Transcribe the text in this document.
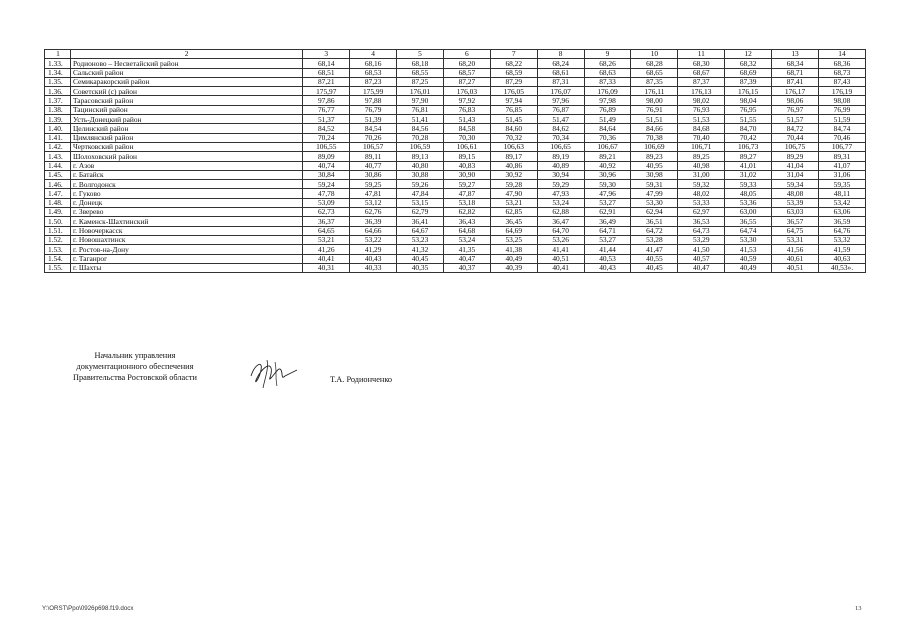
1	2	3	4	5	6	7	8	9	10	11	12	13	14
1.33.	Родионово – Несветайский район	68,14	68,16	68,18	68,20	68,22	68,24	68,26	68,28	68,30	68,32	68,34	68,36
1.34.	Сальский район	68,51	68,53	68,55	68,57	68,59	68,61	68,63	68,65	68,67	68,69	68,71	68,73
1.35.	Семикаракорский район	87,21	87,23	87,25	87,27	87,29	87,31	87,33	87,35	87,37	87,39	87,41	87,43
1.36.	Советский (с) район	175,97	175,99	176,01	176,03	176,05	176,07	176,09	176,11	176,13	176,15	176,17	176,19
1.37.	Тарасовский район	97,86	97,88	97,90	97,92	97,94	97,96	97,98	98,00	98,02	98,04	98,06	98,08
1.38.	Тацинский район	76,77	76,79	76,81	76,83	76,85	76,87	76,89	76,91	76,93	76,95	76,97	76,99
1.39.	Усть-Донецкий район	51,37	51,39	51,41	51,43	51,45	51,47	51,49	51,51	51,53	51,55	51,57	51,59
1.40.	Целинский район	84,52	84,54	84,56	84,58	84,60	84,62	84,64	84,66	84,68	84,70	84,72	84,74
1.41.	Цимлянский район	70,24	70,26	70,28	70,30	70,32	70,34	70,36	70,38	70,40	70,42	70,44	70,46
1.42.	Чертковский район	106,55	106,57	106,59	106,61	106,63	106,65	106,67	106,69	106,71	106,73	106,75	106,77
1.43.	Шолоховский район	89,09	89,11	89,13	89,15	89,17	89,19	89,21	89,23	89,25	89,27	89,29	89,31
1.44.	г. Азов	40,74	40,77	40,80	40,83	40,86	40,89	40,92	40,95	40,98	41,01	41,04	41,07
1.45.	г. Батайск	30,84	30,86	30,88	30,90	30,92	30,94	30,96	30,98	31,00	31,02	31,04	31,06
1.46.	г. Волгодонск	59,24	59,25	59,26	59,27	59,28	59,29	59,30	59,31	59,32	59,33	59,34	59,35
1.47.	г. Гуково	47,78	47,81	47,84	47,87	47,90	47,93	47,96	47,99	48,02	48,05	48,08	48,11
1.48.	г. Донецк	53,09	53,12	53,15	53,18	53,21	53,24	53,27	53,30	53,33	53,36	53,39	53,42
1.49.	г. Зверево	62,73	62,76	62,79	62,82	62,85	62,88	62,91	62,94	62,97	63,00	63,03	63,06
1.50.	г. Каменск-Шахтинский	36,37	36,39	36,41	36,43	36,45	36,47	36,49	36,51	36,53	36,55	36,57	36,59
1.51.	г. Новочеркасск	64,65	64,66	64,67	64,68	64,69	64,70	64,71	64,72	64,73	64,74	64,75	64,76
1.52.	г. Новошахтинск	53,21	53,22	53,23	53,24	53,25	53,26	53,27	53,28	53,29	53,30	53,31	53,32
1.53.	г. Ростов-на-Дону	41,26	41,29	41,32	41,35	41,38	41,41	41,44	41,47	41,50	41,53	41,56	41,59
1.54.	г. Таганрог	40,41	40,43	40,45	40,47	40,49	40,51	40,53	40,55	40,57	40,59	40,61	40,63
1.55.	г. Шахты	40,31	40,33	40,35	40,37	40,39	40,41	40,43	40,45	40,47	40,49	40,51	40,53».
Начальник управления
документационного обеспечения
Правительства Ростовской области	Т.А. Родионченко
Y:\ORST\Ppo\0926p698.f19.docx	13
